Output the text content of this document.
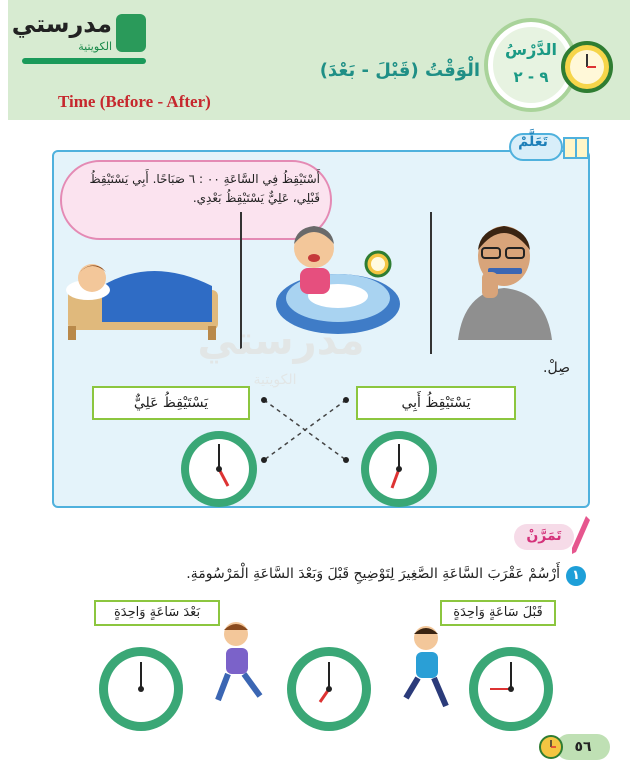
مدرستي
الكويتية	الدَّرْسُ
٩ - ٢
الْوَقْتُ (قَبْلَ - بَعْدَ)
Time (Before - After)
تَعَلَّمْ
أَسْتَيْقِظُ فِي السَّاعَةِ ٠٠ : ٦ صَبَاحًا. أَبِي يَسْتَيْقِظُ قَبْلِي، عَلِيٌّ يَسْتَيْقِظُ بَعْدِي.
مدرستي
الكويتية
صِلْ.
يَسْتَيْقِظُ عَلِيٌّ	يَسْتَيْقِظُ أَبِي
تَمَرَّنْ
١
أَرْسُمْ عَقْرَبَ السَّاعَةِ الصَّغِيرَ لِتَوْضِيحِ قَبْلَ وَبَعْدَ السَّاعَةِ الْمَرْسُومَةِ.
بَعْدَ سَاعَةٍ وَاحِدَةٍ	قَبْلَ سَاعَةٍ وَاحِدَةٍ
٥٦
